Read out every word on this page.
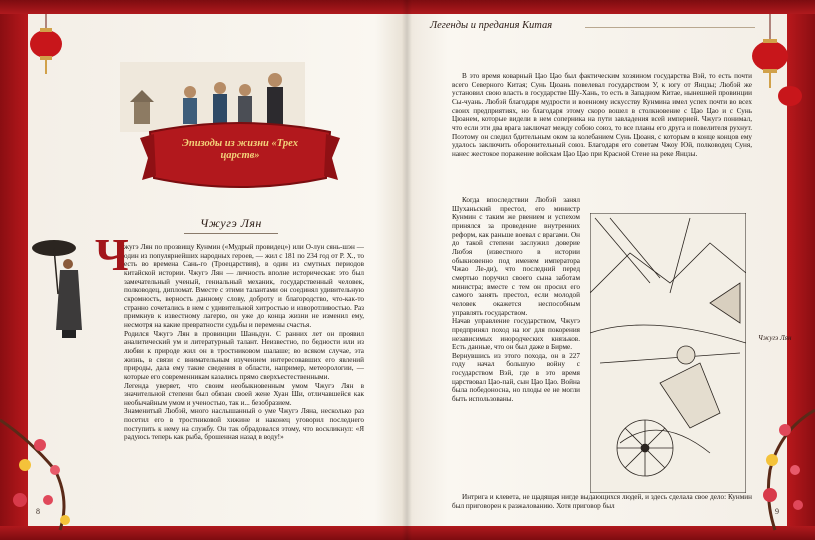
Эпизоды из жизни «Трех царств»
Чжугэ Лян
Ч
жугэ Лян по прозвищу Кунмин («Мудрый провидец») или О-лун сянь-шэн — один из популярнейших народных героев, — жил с 181 по 234 год от Р. Х., то есть во времена Сань-го (Троецарствия), в один из смутных периодов китайской истории. Чжугэ Лян — личность вполне историческая: это был замечательный ученый, гениальный механик, государственный человек, полководец, дипломат. Вместе с этими талантами он соединял удивительную скромность, верность данному слову, доброту и благородство, что-как-то странно сочетались в нем с удивительной хитростью и изворотливостью. Раз примкнув к известному лагерю, он уже до конца жизни не изменил ему, несмотря на какие превратности судьбы и перемены счастья.
Родился Чжугэ Лян в провинции Шаньдун. С ранних лет он проявил аналитический ум и литературный талант. Неизвестно, по бедности или из любви к природе жил он в тростниковом шалаше; во всяком случае, эта жизнь, в связи с внимательным изучением интересовавших его явлений природы, дала ему такие сведения в области, например, метеорологии, — которые его современникам казались прямо сверхъестественными.
Легенда уверяет, что своим необыкновенным умом Чжугэ Лян в значительной степени был обязан своей жене Хуан Ши, отличавшейся как необычайным умом и ученостью, так и... безобразием.
Знаменитый Любэй, много наслышанный о уме Чжугэ Ляна, несколько раз посетил его в тростниковой хижине и наконец уговорил последнего поступить к нему на службу. Он так обрадовался этому, что воскликнул: «Я радуюсь теперь как рыба, брошенная назад в воду!»
8
Легенды и предания Китая
В это время коварный Цао Цао был фактическим хозяином государства Вэй, то есть почти всего Северного Китая; Сунь Цюань повелевал государством У, к югу от Янцзы; Любэй же установил свою власть в государстве Шу-Хань, то есть в Западном Китае, нынешней провинции Сы-чуань. Любэй благодаря мудрости и военному искусству Кунмина имел успех почти во всех своих предприятиях, но благодаря этому скоро вошел в столкновение с Цао Цао и с Сунь Цюанем, которые видели в нем соперника на пути завладения всей империей. Чжугэ понимал, что если эти два врага заключат между собою союз, то все планы его друга и повелителя рухнут. Поэтому он следил бдительным оком за колебанием Сунь Цюаня, с которым в конце концов ему удалось заключить оборонительный союз. Благодаря его советам Чжоу Юй, полководец Суня, нанес жестокое поражение войскам Цао Цао при Красной Стене на реке Янцзы.
Когда впоследствии Любэй занял Шуханьский престол, его министр Кунмин с таким же рвением и успехом принялся за проведение внутренних реформ, как раньше воевал с врагами. Он до такой степени заслужил доверие Любэя (известного в истории обыкновенно под именем императора Чжао Ле-ди), что последний перед смертью поручил своего сына заботам министра; вместе с тем он просил его самого занять престол, если молодой человек окажется неспособным управлять государством.
Начав управление государством, Чжугэ предпринял поход на юг для покорения независимых инородческих князьков. Есть данные, что он был даже в Бирме.
Вернувшись из этого похода, он в 227 году начал большую войну с государством Вэй, где в это время царствовал Цао-пай, сын Цао Цао. Война была победоносна, но плоды ее не могли быть использованы.
Чжугэ Лян
Интрига и клевета, не щадящая нигде выдающихся людей, и здесь сделала свое дело: Кунмин был приговорен к разжалованию. Хотя приговор был
9
